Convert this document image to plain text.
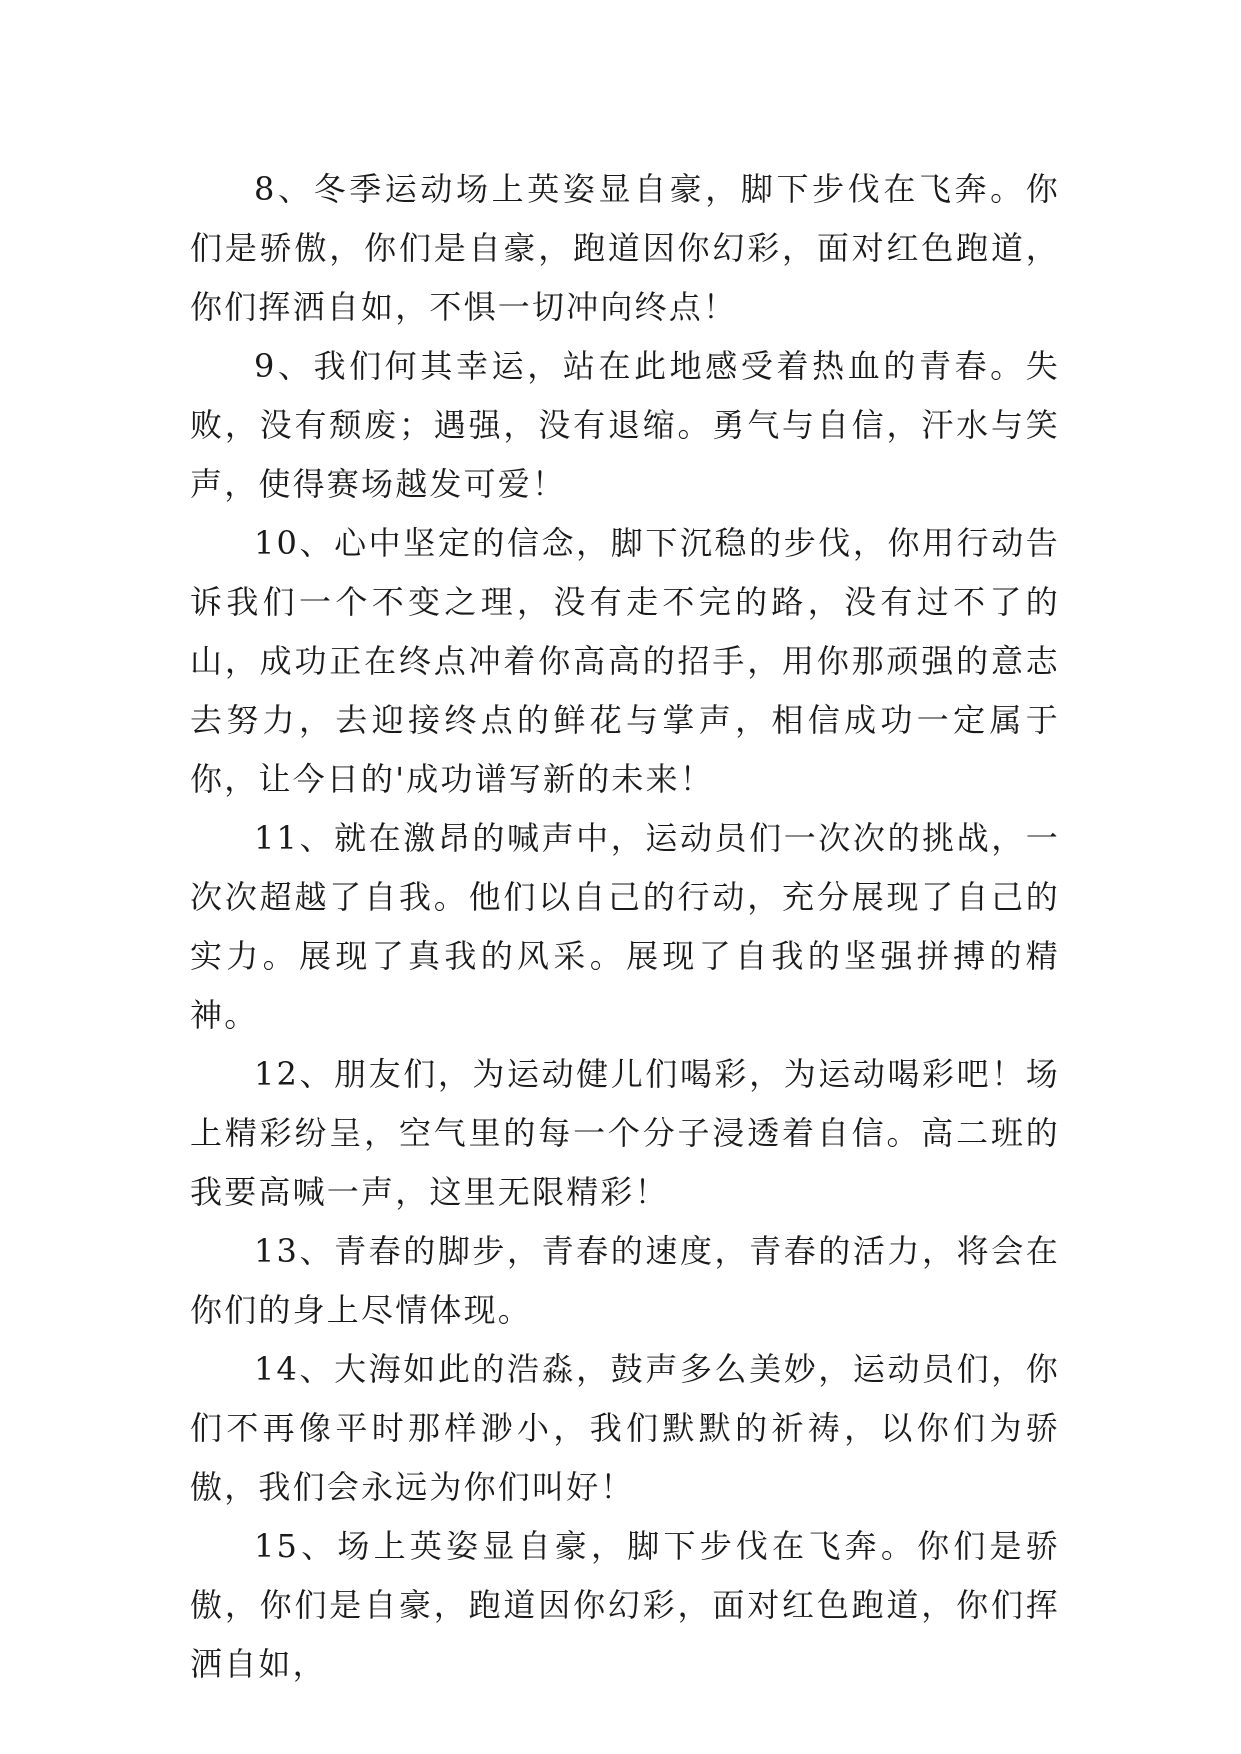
8、冬季运动场上英姿显自豪，脚下步伐在飞奔。你们是骄傲，你们是自豪，跑道因你幻彩，面对红色跑道，你们挥洒自如，不惧一切冲向终点！

9、我们何其幸运，站在此地感受着热血的青春。失败，没有颓废；遇强，没有退缩。勇气与自信，汗水与笑声，使得赛场越发可爱！

10、心中坚定的信念，脚下沉稳的步伐，你用行动告诉我们一个不变之理，没有走不完的路，没有过不了的山，成功正在终点冲着你高高的招手，用你那顽强的意志去努力，去迎接终点的鲜花与掌声，相信成功一定属于你，让今日的'成功谱写新的未来！

11、就在激昂的喊声中，运动员们一次次的挑战，一次次超越了自我。他们以自己的行动，充分展现了自己的实力。展现了真我的风采。展现了自我的坚强拼搏的精神。

12、朋友们，为运动健儿们喝彩，为运动喝彩吧！场上精彩纷呈，空气里的每一个分子浸透着自信。高二班的我要高喊一声，这里无限精彩！

13、青春的脚步，青春的速度，青春的活力，将会在你们的身上尽情体现。

14、大海如此的浩淼，鼓声多么美妙，运动员们，你们不再像平时那样渺小，我们默默的祈祷，以你们为骄傲，我们会永远为你们叫好！

15、场上英姿显自豪，脚下步伐在飞奔。你们是骄傲，你们是自豪，跑道因你幻彩，面对红色跑道，你们挥洒自如，
